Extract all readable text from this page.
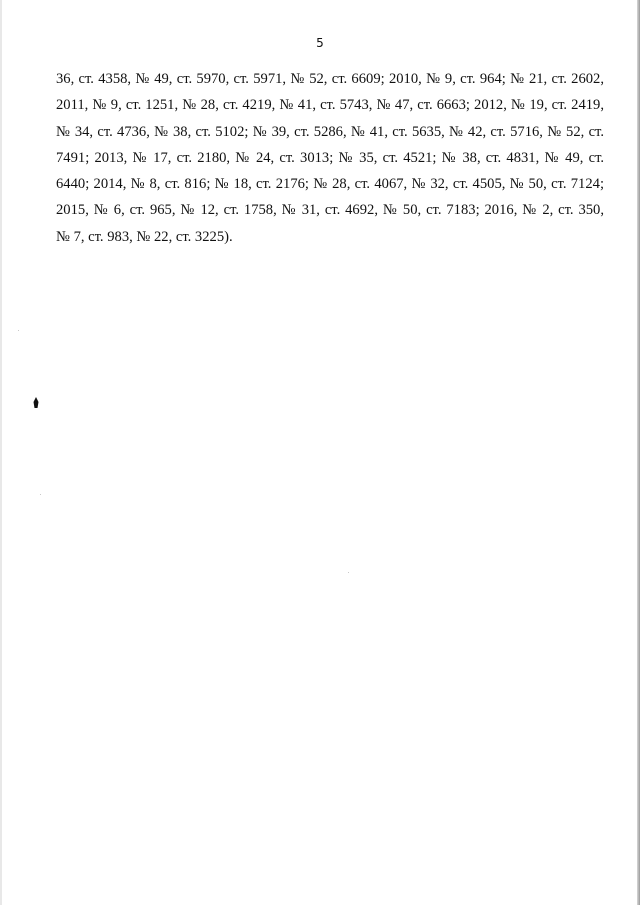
5
36, ст. 4358, № 49, ст. 5970, ст. 5971, № 52, ст. 6609; 2010, № 9, ст. 964; № 21, ст. 2602,
2011, № 9, ст. 1251, № 28, ст. 4219, № 41, ст. 5743, № 47, ст. 6663; 2012, № 19, ст. 2419,
№ 34, ст. 4736, № 38, ст. 5102; № 39, ст. 5286, № 41, ст. 5635, № 42, ст. 5716, № 52, ст.
7491; 2013, № 17, ст. 2180, № 24, ст. 3013; № 35, ст. 4521; № 38, ст. 4831, № 49, ст.
6440; 2014, № 8, ст. 816; № 18, ст. 2176; № 28, ст. 4067, № 32, ст. 4505, № 50, ст. 7124;
2015, № 6, ст. 965, № 12, ст. 1758, № 31, ст. 4692, № 50, ст. 7183; 2016, № 2, ст. 350,
№ 7, ст. 983, № 22, ст. 3225).
